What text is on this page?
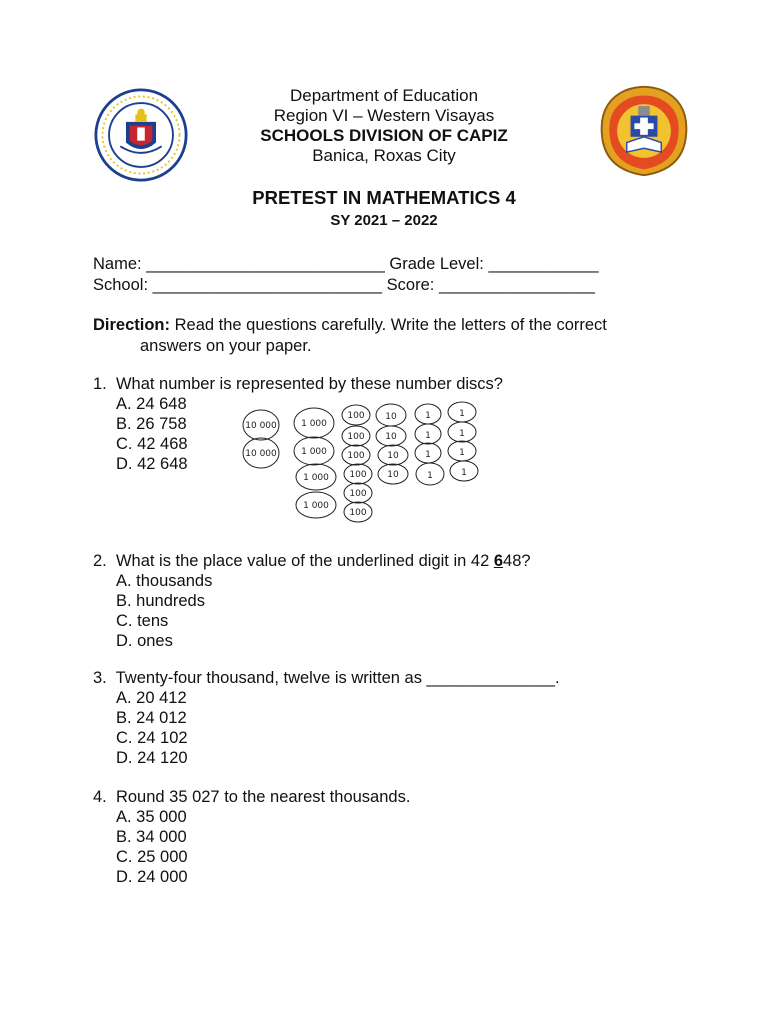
Department of Education
Region VI – Western Visayas
SCHOOLS DIVISION OF CAPIZ
Banica, Roxas City
PRETEST IN MATHEMATICS 4
SY 2021 – 2022
Name: __________________________ Grade Level: ____________
School: _________________________ Score: _________________
Direction: Read the questions carefully. Write the letters of the correct
answers on your paper.
1. What number is represented by these number discs?
A. 24 648
B. 26 758
C. 42 468
D. 42 648
10 000
10 000
1 000
1 000
1 000
1 000
100
100
100
100
100
100
10
10
10
10
1
1
1
1
1
1
1
1
2. What is the place value of the underlined digit in 42 648?
A. thousands
B. hundreds
C. tens
D. ones
3. Twenty-four thousand, twelve is written as ______________.
A. 20 412
B. 24 012
C. 24 102
D. 24 120
4. Round 35 027 to the nearest thousands.
A. 35 000
B. 34 000
C. 25 000
D. 24 000
